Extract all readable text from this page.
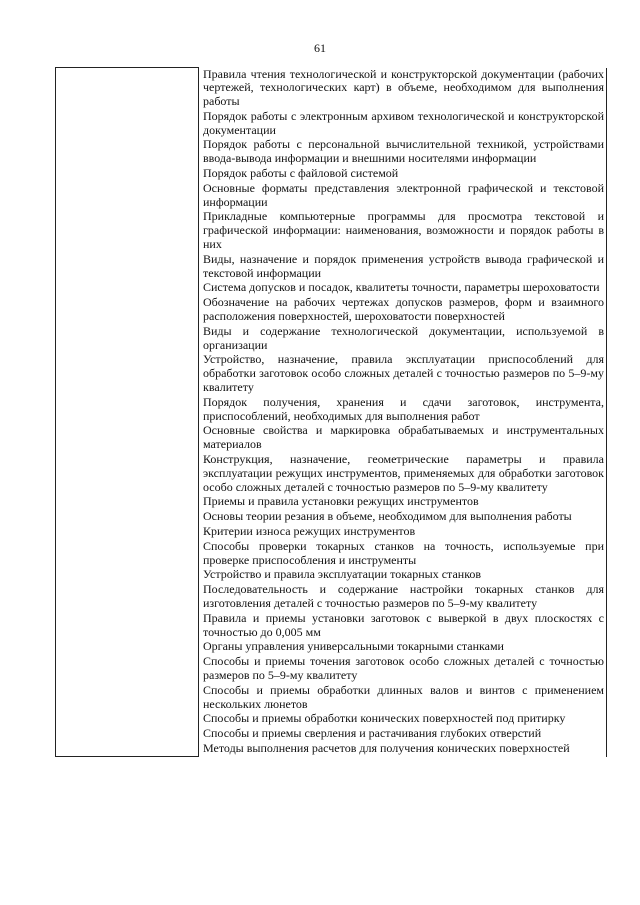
61

Правила чтения технологической и конструкторской документации (рабочих чертежей, технологических карт) в объеме, необходимом для выполнения работы
Порядок работы с электронным архивом технологической и конструкторской документации
Порядок работы с персональной вычислительной техникой, устройствами ввода-вывода информации и внешними носителями информации
Порядок работы с файловой системой
Основные форматы представления электронной графической и текстовой информации
Прикладные компьютерные программы для просмотра текстовой и графической информации: наименования, возможности и порядок работы в них
Виды, назначение и порядок применения устройств вывода графической и текстовой информации
Система допусков и посадок, квалитеты точности, параметры шероховатости
Обозначение на рабочих чертежах допусков размеров, форм и взаимного расположения поверхностей, шероховатости поверхностей
Виды и содержание технологической документации, используемой в организации
Устройство, назначение, правила эксплуатации приспособлений для обработки заготовок особо сложных деталей с точностью размеров по 5–9-му квалитету
Порядок получения, хранения и сдачи заготовок, инструмента, приспособлений, необходимых для выполнения работ
Основные свойства и маркировка обрабатываемых и инструментальных материалов
Конструкция, назначение, геометрические параметры и правила эксплуатации режущих инструментов, применяемых для обработки заготовок особо сложных деталей с точностью размеров по 5–9-му квалитету
Приемы и правила установки режущих инструментов
Основы теории резания в объеме, необходимом для выполнения работы
Критерии износа режущих инструментов
Способы проверки токарных станков на точность, используемые при проверке приспособления и инструменты
Устройство и правила эксплуатации токарных станков
Последовательность и содержание настройки токарных станков для изготовления деталей с точностью размеров по 5–9-му квалитету
Правила и приемы установки заготовок с выверкой в двух плоскостях с точностью до 0,005 мм
Органы управления универсальными токарными станками
Способы и приемы точения заготовок особо сложных деталей с точностью размеров по 5–9-му квалитету
Способы и приемы обработки длинных валов и винтов с применением нескольких люнетов
Способы и приемы обработки конических поверхностей под притирку
Способы и приемы сверления и растачивания глубоких отверстий
Методы выполнения расчетов для получения конических поверхностей
